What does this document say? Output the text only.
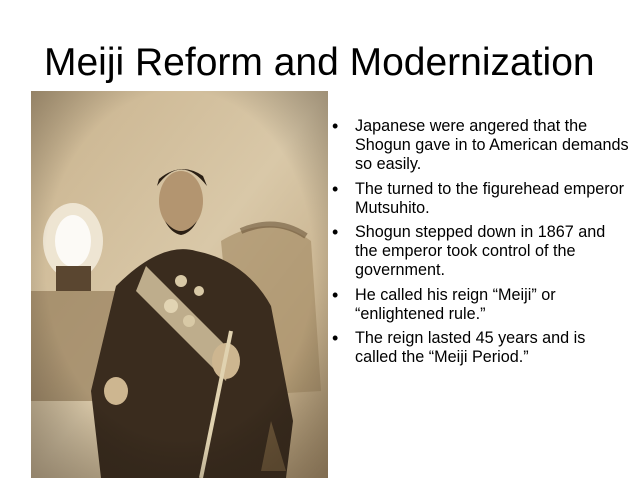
Meiji Reform and Modernization
• Japanese were angered that the Shogun gave in to American demands so easily.
• The turned to the figurehead emperor Mutsuhito.
• Shogun stepped down in 1867 and the emperor took control of the government.
• He called his reign “Meiji” or “enlightened rule.”
• The reign lasted 45 years and is called the “Meiji Period.”
